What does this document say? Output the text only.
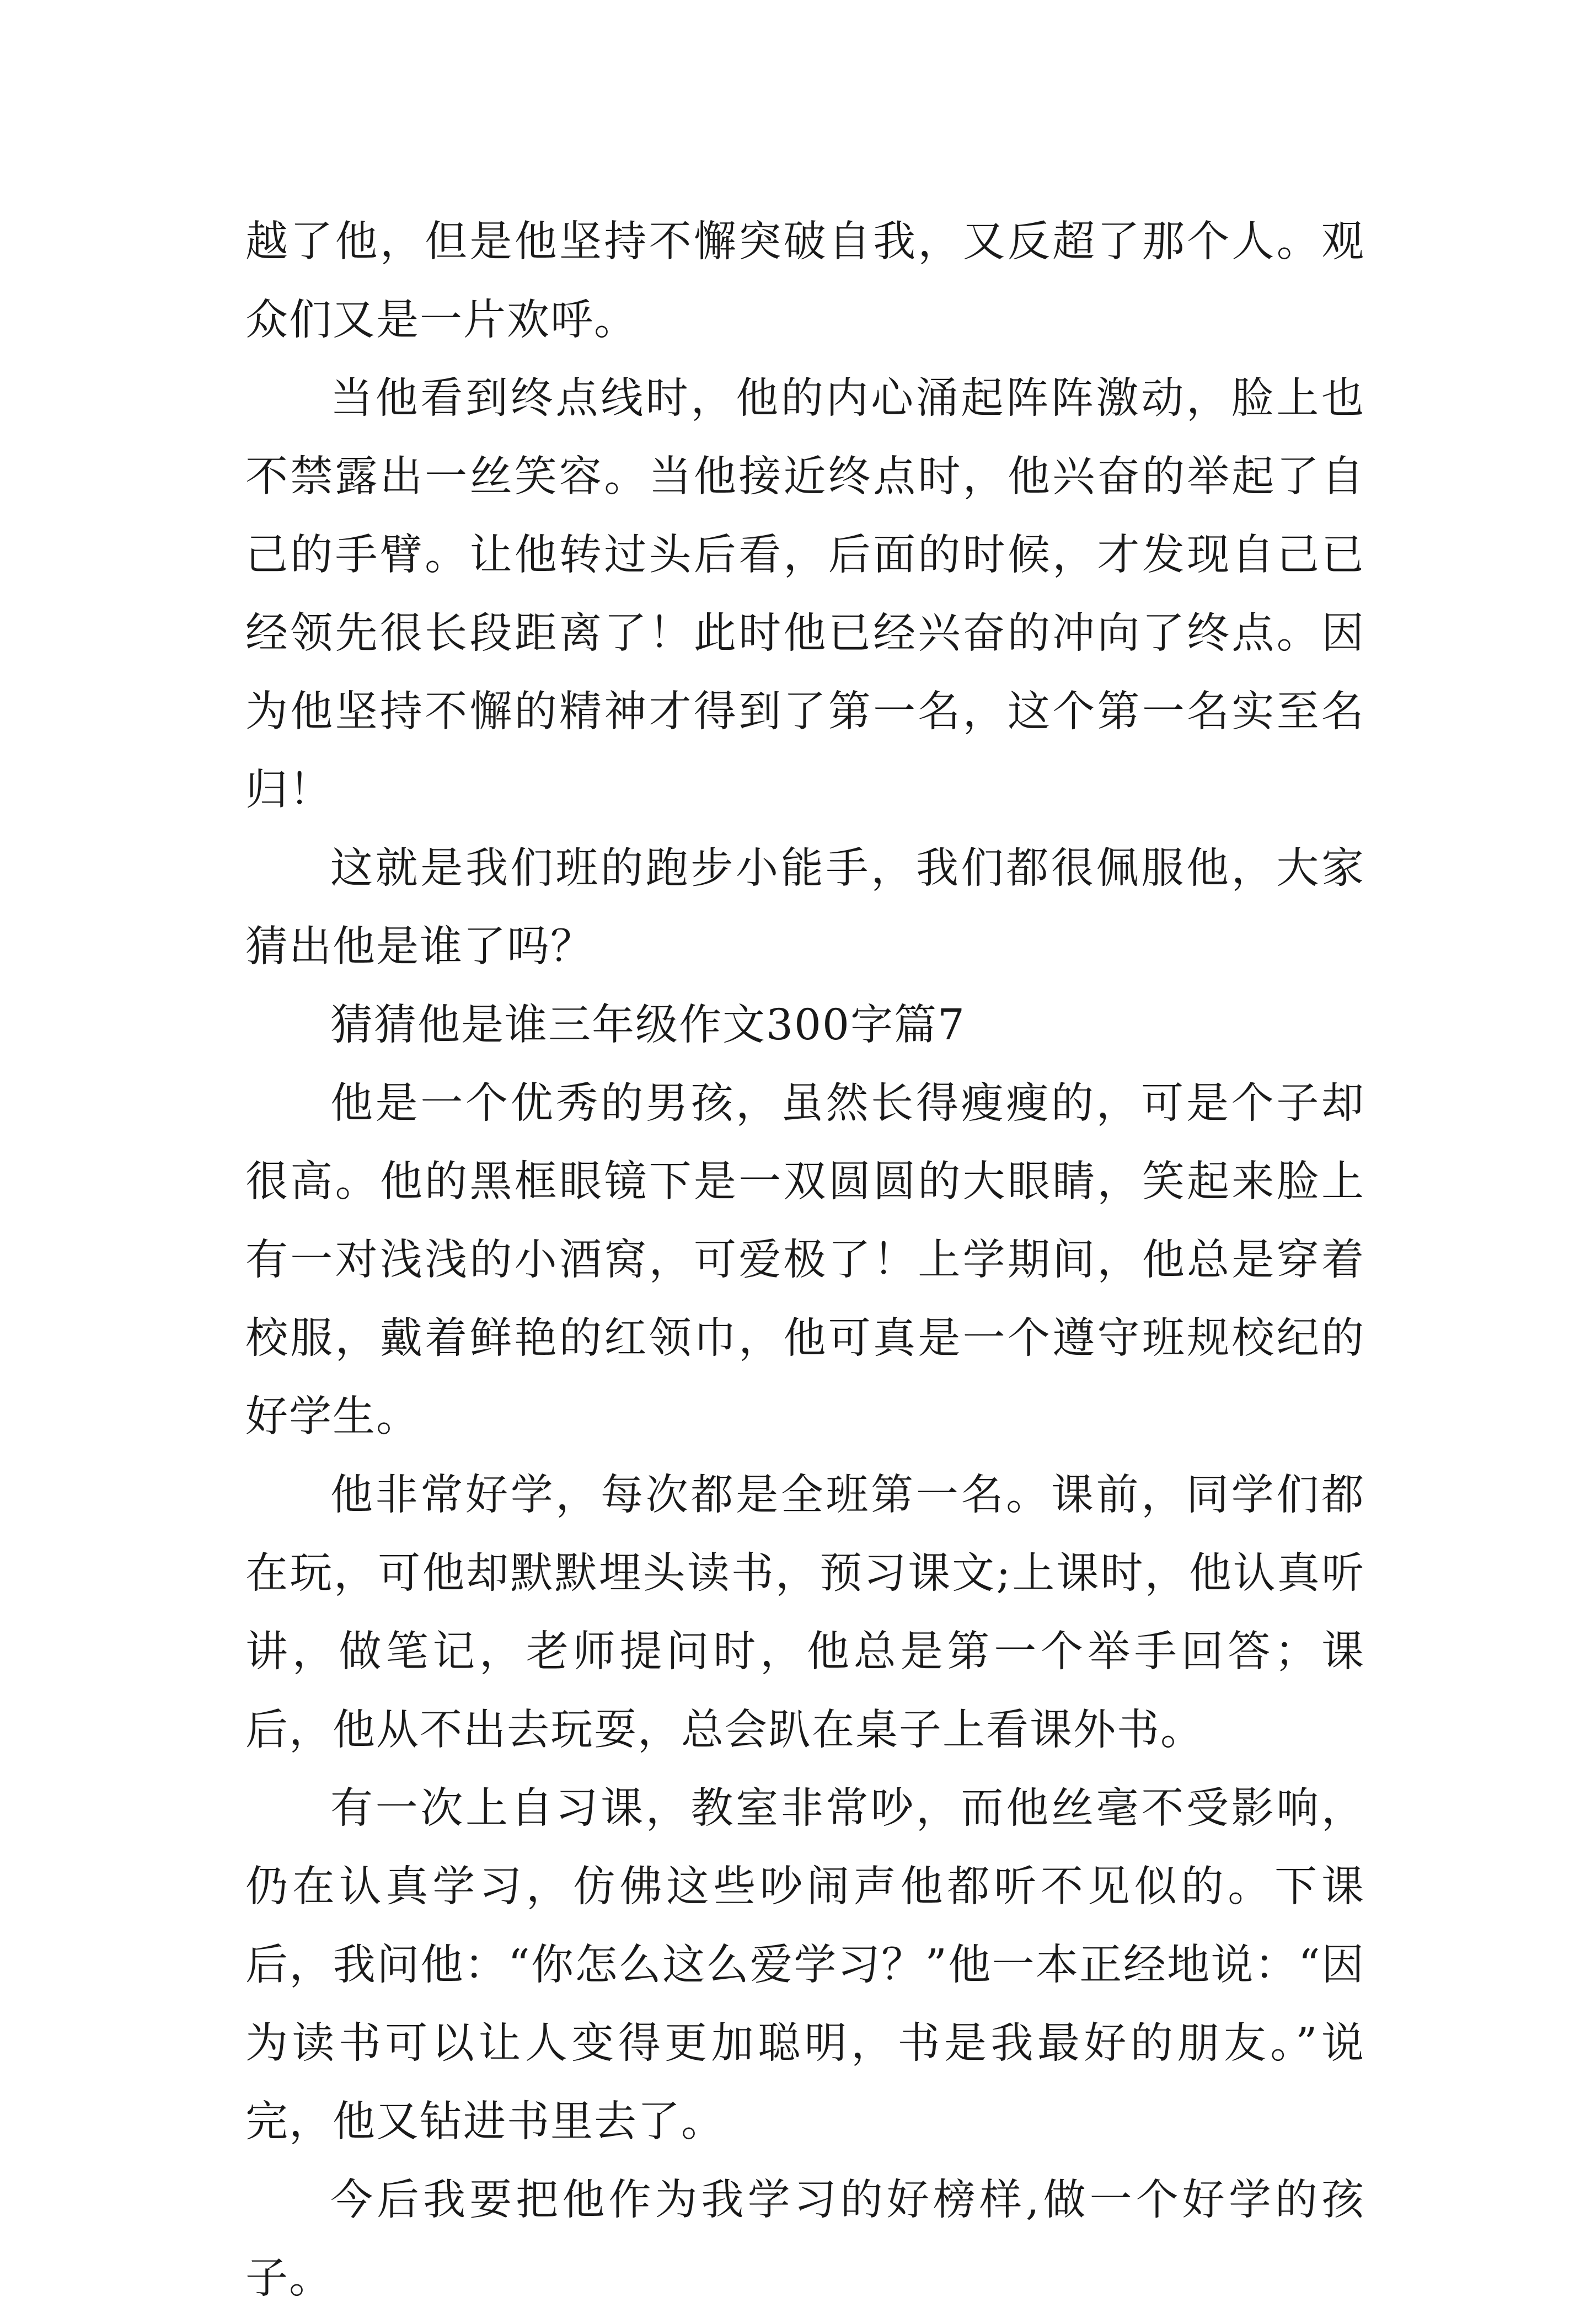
越了他，但是他坚持不懈突破自我，又反超了那个人。观众们又是一片欢呼。

当他看到终点线时，他的内心涌起阵阵激动，脸上也不禁露出一丝笑容。当他接近终点时，他兴奋的举起了自己的手臂。让他转过头后看，后面的时候，才发现自己已经领先很长段距离了！此时他已经兴奋的冲向了终点。因为他坚持不懈的精神才得到了第一名，这个第一名实至名归！

这就是我们班的跑步小能手，我们都很佩服他，大家猜出他是谁了吗？

猜猜他是谁三年级作文300字篇7

他是一个优秀的男孩，虽然长得瘦瘦的，可是个子却很高。他的黑框眼镜下是一双圆圆的大眼睛，笑起来脸上有一对浅浅的小酒窝，可爱极了！上学期间，他总是穿着校服，戴着鲜艳的红领巾，他可真是一个遵守班规校纪的好学生。

他非常好学，每次都是全班第一名。课前，同学们都在玩，可他却默默埋头读书，预习课文;上课时，他认真听讲，做笔记，老师提问时，他总是第一个举手回答；课后，他从不出去玩耍，总会趴在桌子上看课外书。

有一次上自习课，教室非常吵，而他丝毫不受影响，仍在认真学习，仿佛这些吵闹声他都听不见似的。下课后，我问他：“你怎么这么爱学习？”他一本正经地说：“因为读书可以让人变得更加聪明，书是我最好的朋友。”说完，他又钻进书里去了。

今后我要把他作为我学习的好榜样,做一个好学的孩子。
